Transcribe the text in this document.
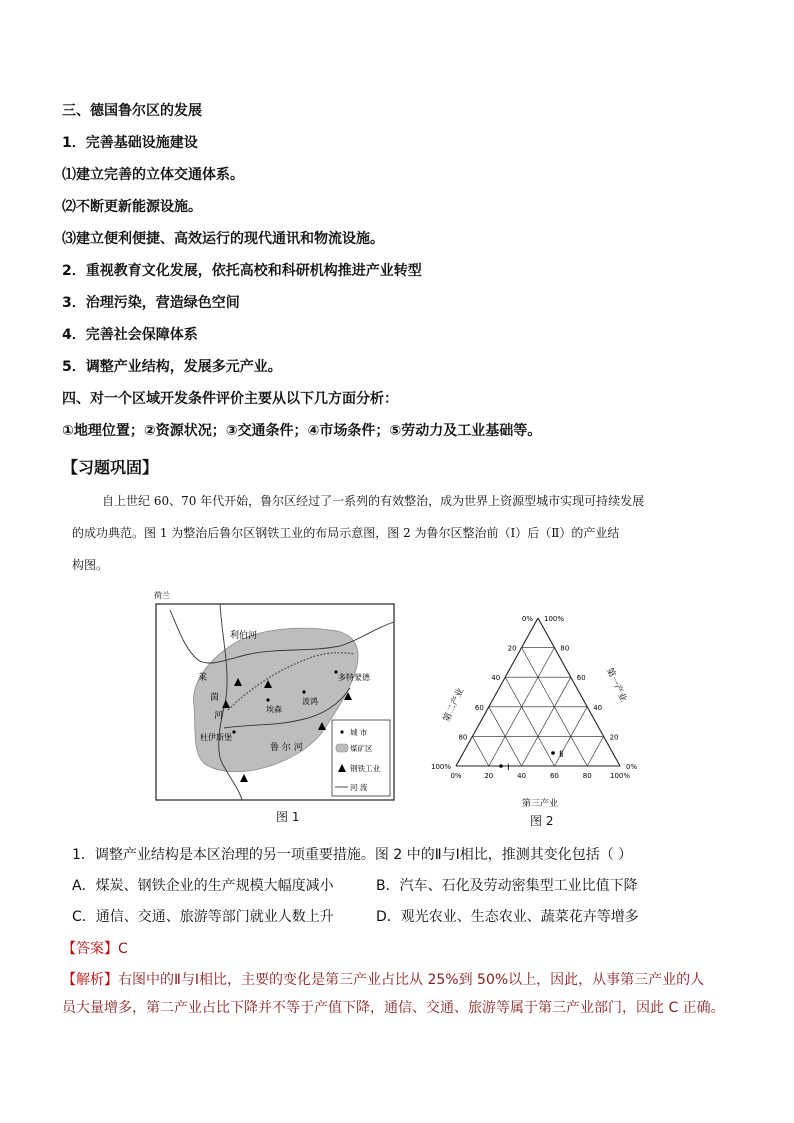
三、德国鲁尔区的发展
1．完善基础设施建设
⑴建立完善的立体交通体系。
⑵不断更新能源设施。
⑶建立便利便捷、高效运行的现代通讯和物流设施。
2．重视教育文化发展，依托高校和科研机构推进产业转型
3．治理污染，营造绿色空间
4．完善社会保障体系
5．调整产业结构，发展多元产业。
四、对一个区域开发条件评价主要从以下几方面分析：
①地理位置；②资源状况；③交通条件；④市场条件；⑤劳动力及工业基础等。
【习题巩固】
自上世纪 60、70 年代开始，鲁尔区经过了一系列的有效整治，成为世界上资源型城市实现可持续发展
的成功典范。图 1 为整治后鲁尔区钢铁工业的布局示意图，图 2 为鲁尔区整治前（Ⅰ）后（Ⅱ）的产业结
构图。
荷兰
利伯河
莱
茵
河
鲁 尔 河
杜伊斯堡
埃森
波鸿
多特蒙德
城 市
煤矿区
钢铁工业
河 流
图 1
0%
20
40
60
80
100%
100%
80
60
40
20
0%
0%	20	40	60	80	100%
第二产业
第一产业
第三产业
I
Ⅱ
图 2
1．调整产业结构是本区治理的另一项重要措施。图 2 中的Ⅱ与Ⅰ相比，推测其变化包括（ ）
A．煤炭、钢铁企业的生产规模大幅度减小	B．汽车、石化及劳动密集型工业比值下降
C．通信、交通、旅游等部门就业人数上升	D．观光农业、生态农业、蔬菜花卉等增多
【答案】C
【解析】右图中的Ⅱ与Ⅰ相比，主要的变化是第三产业占比从 25%到 50%以上，因此，从事第三产业的人
员大量增多，第二产业占比下降并不等于产值下降，通信、交通、旅游等属于第三产业部门，因此 C 正确。
